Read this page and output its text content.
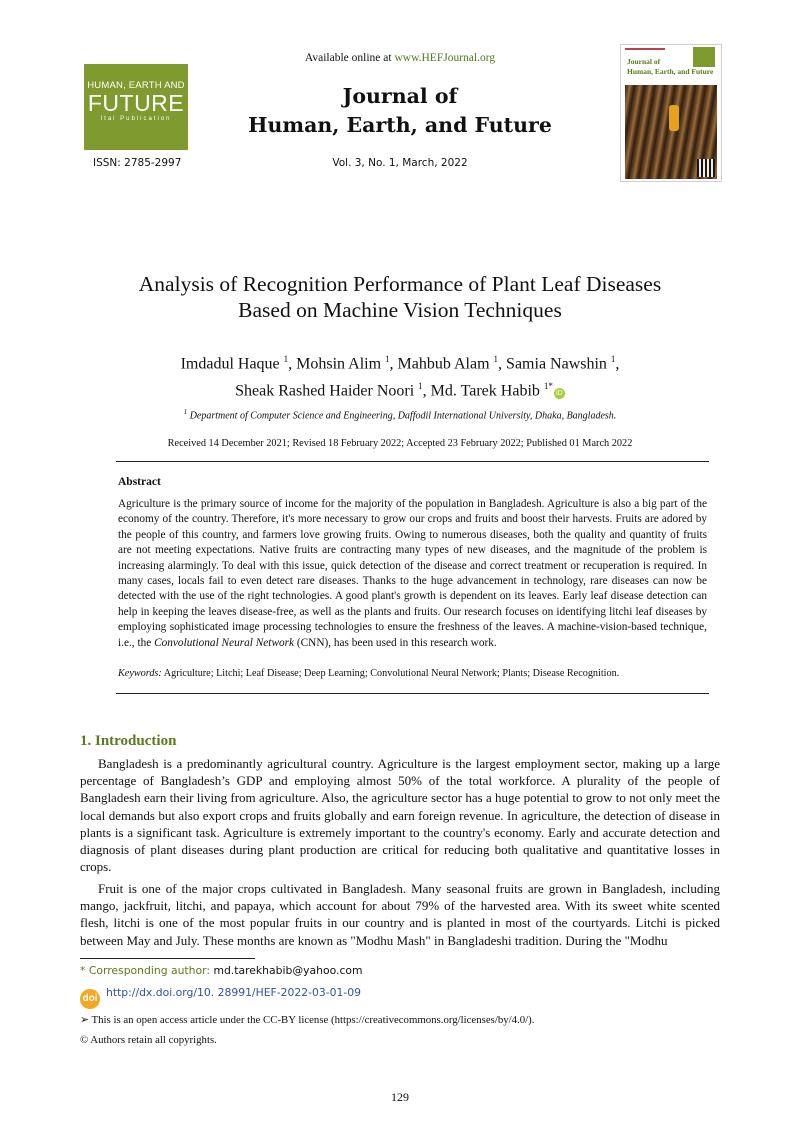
HUMAN, EARTH AND
FUTURE
Ital Publication
ISSN: 2785-2997
Available online at www.HEFJournal.org
Journal of
Human, Earth, and Future
Vol. 3, No. 1, March, 2022
Journal of
Human, Earth, and Future
Analysis of Recognition Performance of Plant Leaf Diseases
Based on Machine Vision Techniques
Imdadul Haque $^1$, Mohsin Alim $^1$, Mahbub Alam $^1$, Samia Nawshin $^1$,
Sheak Rashed Haider Noori $^1$, Md. Tarek Habib $^{1*}$iD
$^1$ Department of Computer Science and Engineering, Daffodil International University, Dhaka, Bangladesh.
Received 14 December 2021; Revised 18 February 2022; Accepted 23 February 2022; Published 01 March 2022
Abstract

Agriculture is the primary source of income for the majority of the population in Bangladesh. Agriculture is also a big part of the economy of the country. Therefore, it's more necessary to grow our crops and fruits and boost their harvests. Fruits are adored by the people of this country, and farmers love growing fruits. Owing to numerous diseases, both the quality and quantity of fruits are not meeting expectations. Native fruits are contracting many types of new diseases, and the magnitude of the problem is increasing alarmingly. To deal with this issue, quick detection of the disease and correct treatment or recuperation is required. In many cases, locals fail to even detect rare diseases. Thanks to the huge advancement in technology, rare diseases can now be detected with the use of the right technologies. A good plant's growth is dependent on its leaves. Early leaf disease detection can help in keeping the leaves disease-free, as well as the plants and fruits. Our research focuses on identifying litchi leaf diseases by employing sophisticated image processing technologies to ensure the freshness of the leaves. A machine-vision-based technique, i.e., the Convolutional Neural Network (CNN), has been used in this research work.

Keywords: Agriculture; Litchi; Leaf Disease; Deep Learning; Convolutional Neural Network; Plants; Disease Recognition.

1. Introduction

Bangladesh is a predominantly agricultural country. Agriculture is the largest employment sector, making up a large percentage of Bangladesh’s GDP and employing almost 50% of the total workforce. A plurality of the people of Bangladesh earn their living from agriculture. Also, the agriculture sector has a huge potential to grow to not only meet the local demands but also export crops and fruits globally and earn foreign revenue. In agriculture, the detection of disease in plants is a significant task. Agriculture is extremely important to the country's economy. Early and accurate detection and diagnosis of plant diseases during plant production are critical for reducing both qualitative and quantitative losses in crops.

Fruit is one of the major crops cultivated in Bangladesh. Many seasonal fruits are grown in Bangladesh, including mango, jackfruit, litchi, and papaya, which account for about 79% of the harvested area. With its sweet white scented flesh, litchi is one of the most popular fruits in our country and is planted in most of the courtyards. Litchi is picked between May and July. These months are known as "Modhu Mash" in Bangladeshi tradition. During the "Modhu

* Corresponding author: md.tarekhabib@yahoo.com
doi http://dx.doi.org/10. 28991/HEF-2022-03-01-09
➢ This is an open access article under the CC-BY license (https://creativecommons.org/licenses/by/4.0/).
© Authors retain all copyrights.
129
